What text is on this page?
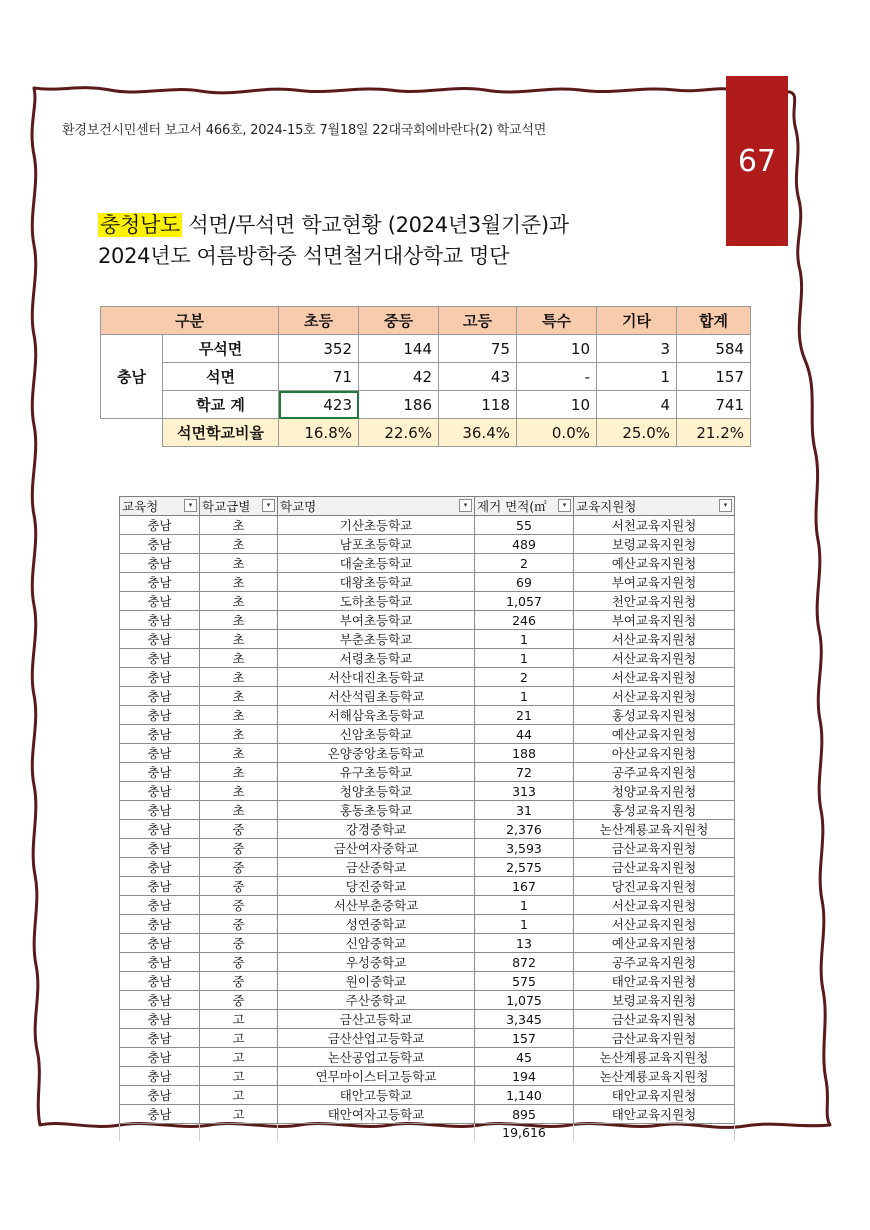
67
환경보건시민센터 보고서 466호, 2024-15호 7월18일 22대국회에바란다(2) 학교석면
충청남도 석면/무석면 학교현황 (2024년3월기준)과
2024년도 여름방학중 석면철거대상학교 명단
구분		초등	중등	고등	특수	기타	합계
충남	무석면	352	144	75	10	3	584
	석면	71	42	43	-	1	157
	학교 계	423	186	118	10	4	741
	석면학교비율	16.8%	22.6%	36.4%	0.0%	25.0%	21.2%
교육청 ▾	학교급별 ▾	학교명 ▾	제거 면적(㎡ ▾	교육지원청 ▾

충남	초	기산초등학교	55	서천교육지원청
충남	초	남포초등학교	489	보령교육지원청
충남	초	대술초등학교	2	예산교육지원청
충남	초	대왕초등학교	69	부여교육지원청
충남	초	도하초등학교	1,057	천안교육지원청
충남	초	부여초등학교	246	부여교육지원청
충남	초	부춘초등학교	1	서산교육지원청
충남	초	서령초등학교	1	서산교육지원청
충남	초	서산대진초등학교	2	서산교육지원청
충남	초	서산석림초등학교	1	서산교육지원청
충남	초	서해삼육초등학교	21	홍성교육지원청
충남	초	신암초등학교	44	예산교육지원청
충남	초	온양중앙초등학교	188	아산교육지원청
충남	초	유구초등학교	72	공주교육지원청
충남	초	청양초등학교	313	청양교육지원청
충남	초	홍동초등학교	31	홍성교육지원청
충남	중	강경중학교	2,376	논산계룡교육지원청
충남	중	금산여자중학교	3,593	금산교육지원청
충남	중	금산중학교	2,575	금산교육지원청
충남	중	당진중학교	167	당진교육지원청
충남	중	서산부춘중학교	1	서산교육지원청
충남	중	성연중학교	1	서산교육지원청
충남	중	신암중학교	13	예산교육지원청
충남	중	우성중학교	872	공주교육지원청
충남	중	원이중학교	575	태안교육지원청
충남	중	주산중학교	1,075	보령교육지원청
충남	고	금산고등학교	3,345	금산교육지원청
충남	고	금산산업고등학교	157	금산교육지원청
충남	고	논산공업고등학교	45	논산계룡교육지원청
충남	고	연무마이스터고등학교	194	논산계룡교육지원청
충남	고	태안고등학교	1,140	태안교육지원청
충남	고	태안여자고등학교	895	태안교육지원청
			19,616	
